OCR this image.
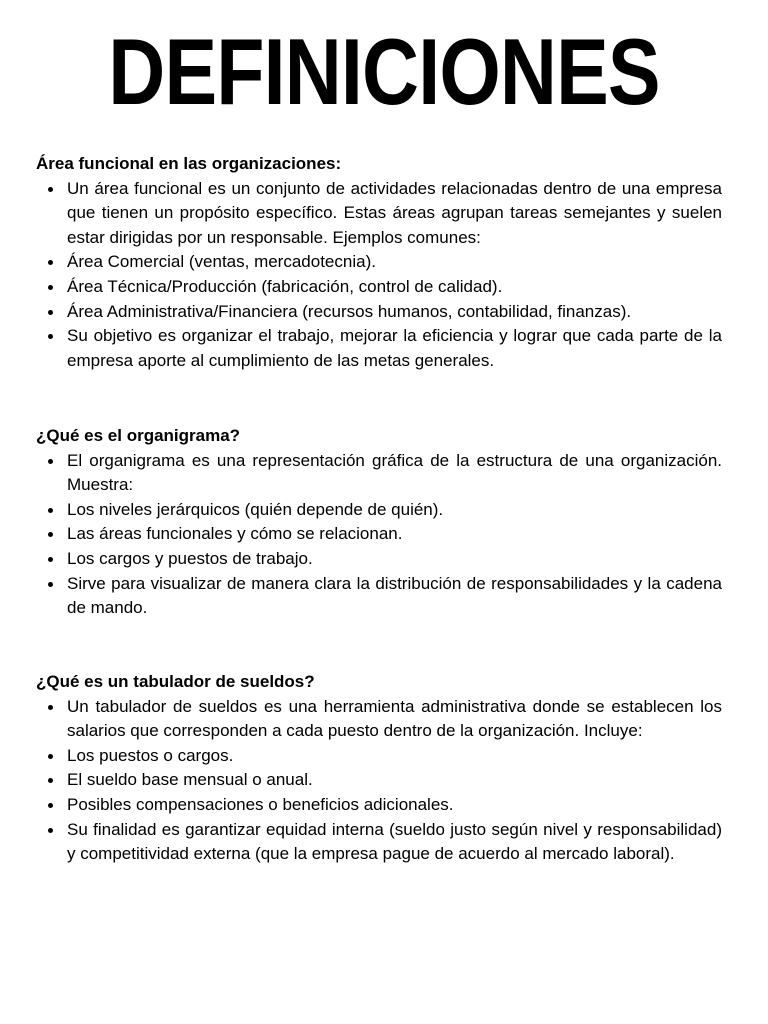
DEFINICIONES

Área funcional en las organizaciones:

Un área funcional es un conjunto de actividades relacionadas dentro de una empresa que tienen un propósito específico. Estas áreas agrupan tareas semejantes y suelen estar dirigidas por un responsable. Ejemplos comunes:
Área Comercial (ventas, mercadotecnia).
Área Técnica/Producción (fabricación, control de calidad).
Área Administrativa/Financiera (recursos humanos, contabilidad, finanzas).
Su objetivo es organizar el trabajo, mejorar la eficiencia y lograr que cada parte de la empresa aporte al cumplimiento de las metas generales.

¿Qué es el organigrama?

El organigrama es una representación gráfica de la estructura de una organización. Muestra:
Los niveles jerárquicos (quién depende de quién).
Las áreas funcionales y cómo se relacionan.
Los cargos y puestos de trabajo.
Sirve para visualizar de manera clara la distribución de responsabilidades y la cadena de mando.

¿Qué es un tabulador de sueldos?

Un tabulador de sueldos es una herramienta administrativa donde se establecen los salarios que corresponden a cada puesto dentro de la organización. Incluye:
Los puestos o cargos.
El sueldo base mensual o anual.
Posibles compensaciones o beneficios adicionales.
Su finalidad es garantizar equidad interna (sueldo justo según nivel y responsabilidad) y competitividad externa (que la empresa pague de acuerdo al mercado laboral).
